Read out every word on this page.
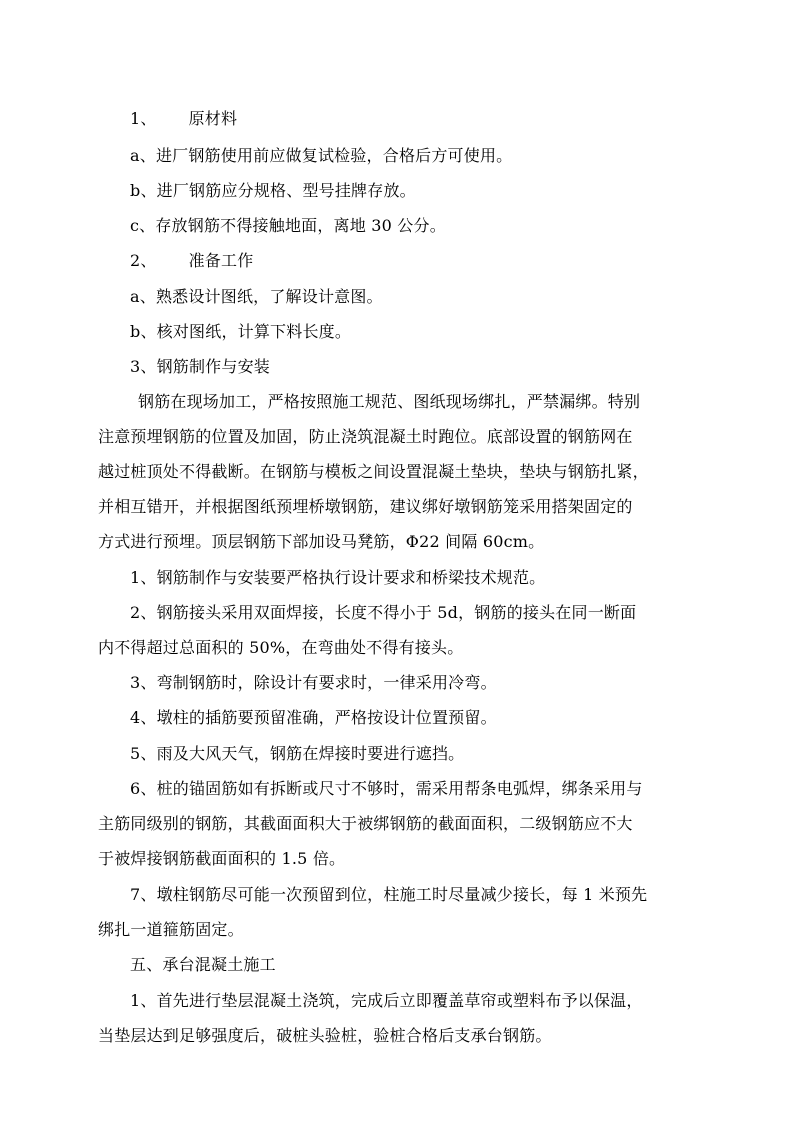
1、 原材料
a、进厂钢筋使用前应做复试检验，合格后方可使用。
b、进厂钢筋应分规格、型号挂牌存放。
c、存放钢筋不得接触地面，离地 30 公分。
2、 准备工作
a、熟悉设计图纸，了解设计意图。
b、核对图纸，计算下料长度。
3、钢筋制作与安装
钢筋在现场加工，严格按照施工规范、图纸现场绑扎，严禁漏绑。特别
注意预埋钢筋的位置及加固，防止浇筑混凝土时跑位。底部设置的钢筋网在
越过桩顶处不得截断。在钢筋与模板之间设置混凝土垫块，垫块与钢筋扎紧，
并相互错开，并根据图纸预埋桥墩钢筋，建议绑好墩钢筋笼采用搭架固定的
方式进行预埋。顶层钢筋下部加设马凳筋，Φ22 间隔 60cm。
1、钢筋制作与安装要严格执行设计要求和桥梁技术规范。
2、钢筋接头采用双面焊接，长度不得小于 5d，钢筋的接头在同一断面
内不得超过总面积的 50%，在弯曲处不得有接头。
3、弯制钢筋时，除设计有要求时，一律采用冷弯。
4、墩柱的插筋要预留准确，严格按设计位置预留。
5、雨及大风天气，钢筋在焊接时要进行遮挡。
6、桩的锚固筋如有拆断或尺寸不够时，需采用帮条电弧焊，绑条采用与
主筋同级别的钢筋，其截面面积大于被绑钢筋的截面面积，二级钢筋应不大
于被焊接钢筋截面面积的 1.5 倍。
7、墩柱钢筋尽可能一次预留到位，柱施工时尽量减少接长，每 1 米预先
绑扎一道箍筋固定。
五、承台混凝土施工
1、首先进行垫层混凝土浇筑，完成后立即覆盖草帘或塑料布予以保温，
当垫层达到足够强度后，破桩头验桩，验桩合格后支承台钢筋。
